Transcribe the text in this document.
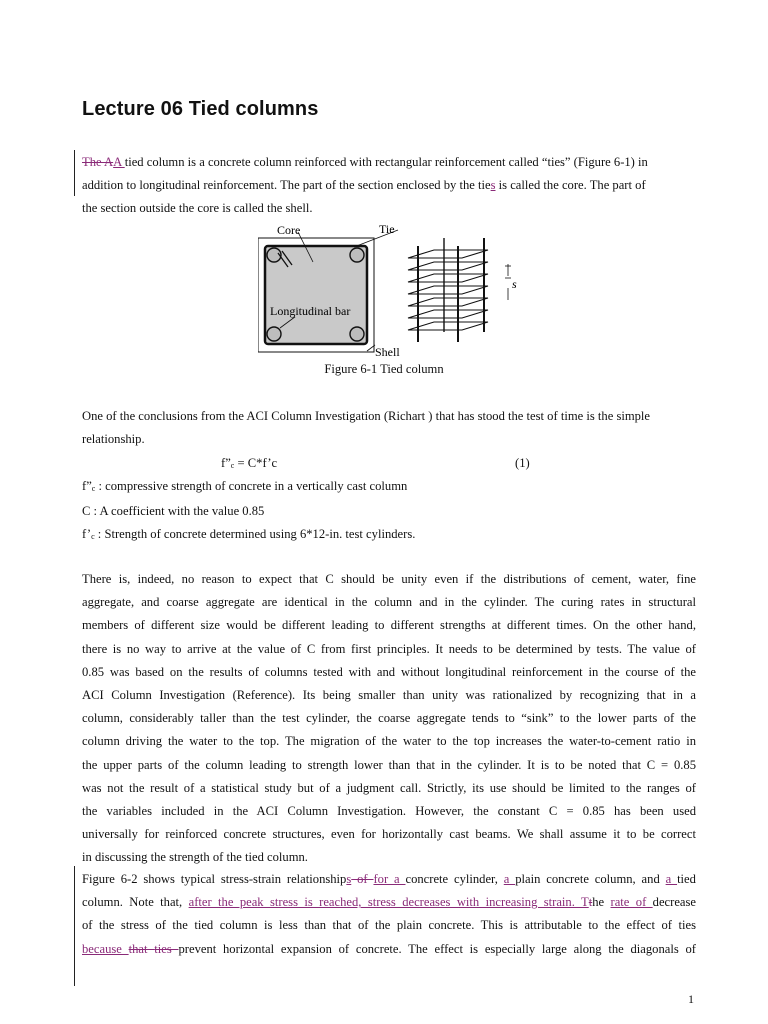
Lecture 06 Tied columns
The AA tied column is a concrete column reinforced with rectangular reinforcement called “ties” (Figure 6-1) in
addition to longitudinal reinforcement. The part of the section enclosed by the ties is called the core. The part of
the section outside the core is called the shell.
Core	Tie
Longitudinal bar
Shell
s
Figure 6-1 Tied column
One of the conclusions from the ACI Column Investigation (Richart ) that has stood the test of time is the simple
relationship.
$f”_c$ = C*f’c	(1)
$f”_c$ : compressive strength of concrete in a vertically cast column
C : A coefficient with the value 0.85
$f’_c$ : Strength of concrete determined using 6*12-in. test cylinders.
There is, indeed, no reason to expect that C should be unity even if the distributions of cement, water, fine
aggregate, and coarse aggregate are identical in the column and in the cylinder. The curing rates in structural
members of different size would be different leading to different strengths at different times. On the other hand,
there is no way to arrive at the value of C from first principles. It needs to be determined by tests. The value of
0.85 was based on the results of columns tested with and without longitudinal reinforcement in the course of the
ACI Column Investigation (Reference). Its being smaller than unity was rationalized by recognizing that in a
column, considerably taller than the test cylinder, the coarse aggregate tends to “sink” to the lower parts of the
column driving the water to the top. The migration of the water to the top increases the water-to-cement ratio in
the upper parts of the column leading to strength lower than that in the cylinder. It is to be noted that C = 0.85
was not the result of a statistical study but of a judgment call. Strictly, its use should be limited to the ranges of
the variables included in the ACI Column Investigation. However, the constant C = 0.85 has been used
universally for reinforced concrete structures, even for horizontally cast beams. We shall assume it to be correct
in discussing the strength of the tied column.
Figure 6-2 shows typical stress-strain relationships of for a concrete cylinder, a plain concrete column, and a tied
column. Note that, after the peak stress is reached, stress decreases with increasing strain. Tthe rate of decrease
of the stress of the tied column is less than that of the plain concrete. This is attributable to the effect of ties
because that ties prevent horizontal expansion of concrete. The effect is especially large along the diagonals of
1
